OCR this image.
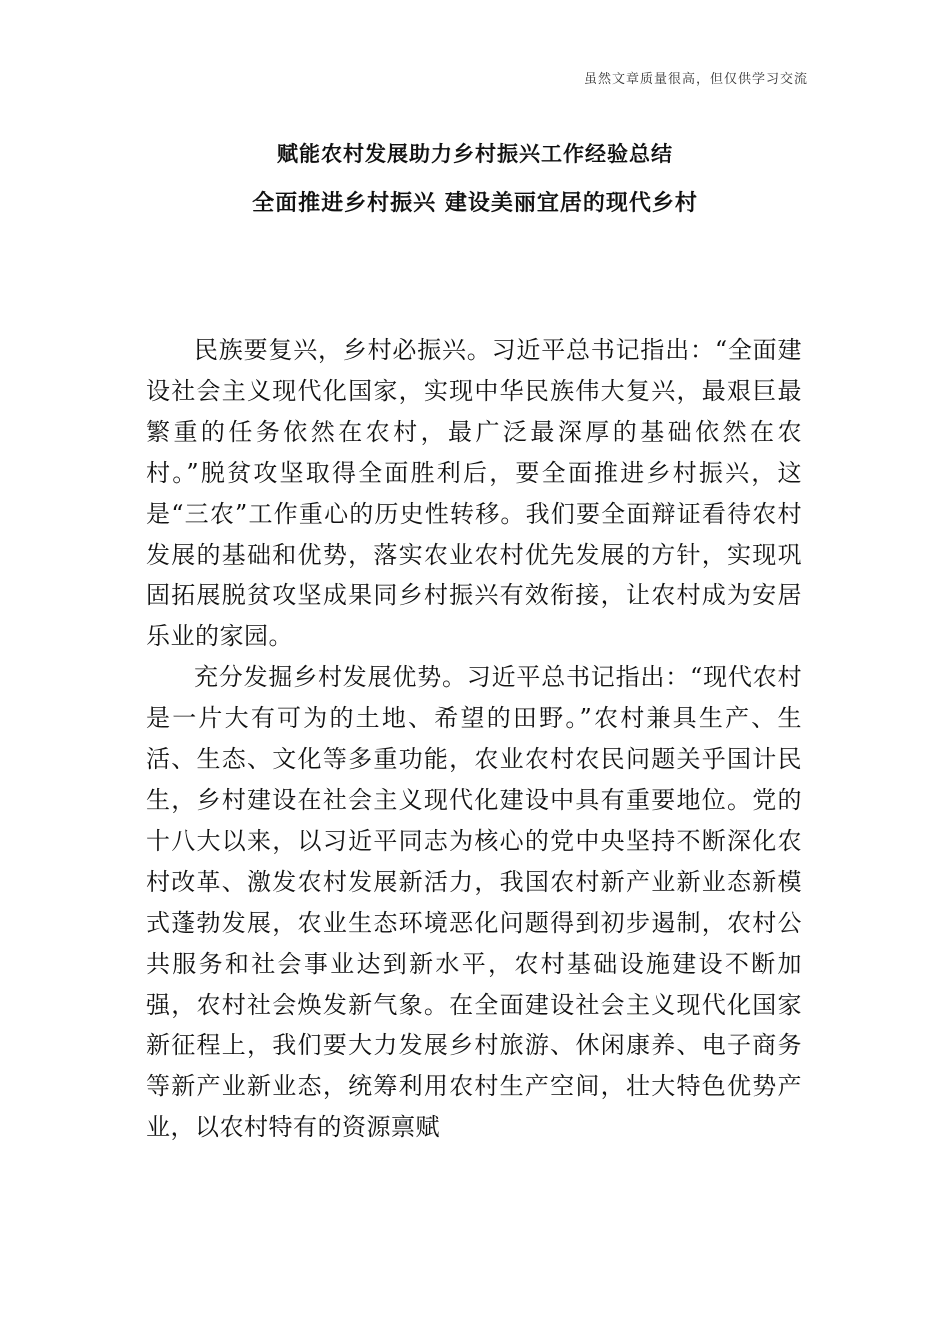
虽然文章质量很高，但仅供学习交流
赋能农村发展助力乡村振兴工作经验总结
全面推进乡村振兴 建设美丽宜居的现代乡村

民族要复兴，乡村必振兴。习近平总书记指出：“全面建设社会主义现代化国家，实现中华民族伟大复兴，最艰巨最繁重的任务依然在农村，最广泛最深厚的基础依然在农村。”脱贫攻坚取得全面胜利后，要全面推进乡村振兴，这是“三农”工作重心的历史性转移。我们要全面辩证看待农村发展的基础和优势，落实农业农村优先发展的方针，实现巩固拓展脱贫攻坚成果同乡村振兴有效衔接，让农村成为安居乐业的家园。

充分发掘乡村发展优势。习近平总书记指出：“现代农村是一片大有可为的土地、希望的田野。”农村兼具生产、生活、生态、文化等多重功能，农业农村农民问题关乎国计民生，乡村建设在社会主义现代化建设中具有重要地位。党的十八大以来，以习近平同志为核心的党中央坚持不断深化农村改革、激发农村发展新活力，我国农村新产业新业态新模式蓬勃发展，农业生态环境恶化问题得到初步遏制，农村公共服务和社会事业达到新水平，农村基础设施建设不断加强，农村社会焕发新气象。在全面建设社会主义现代化国家新征程上，我们要大力发展乡村旅游、休闲康养、电子商务等新产业新业态，统筹利用农村生产空间，壮大特色优势产业，以农村特有的资源禀赋
